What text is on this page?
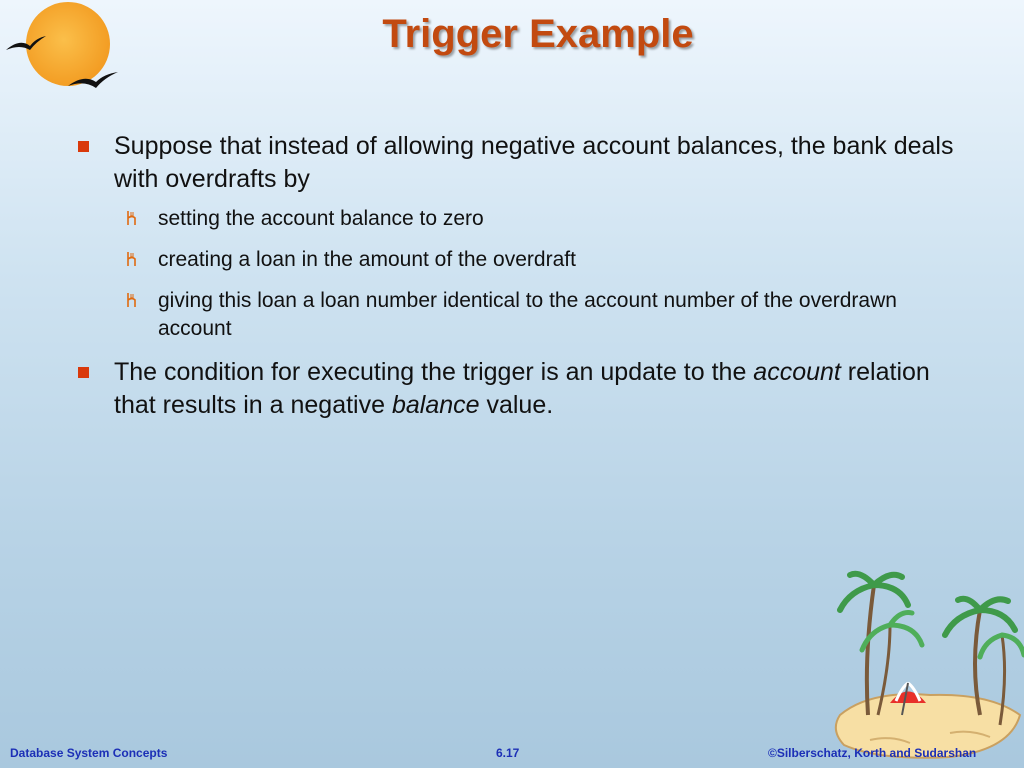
Trigger Example
Suppose that instead of allowing negative account balances, the bank deals with overdrafts by
setting the account balance to zero
creating a loan in the amount of the overdraft
giving this loan a loan number identical to the account number of the overdrawn account
The condition for executing the trigger is an update to the account relation that results in a negative balance value.
Database System Concepts	6.17	©Silberschatz, Korth and Sudarshan
